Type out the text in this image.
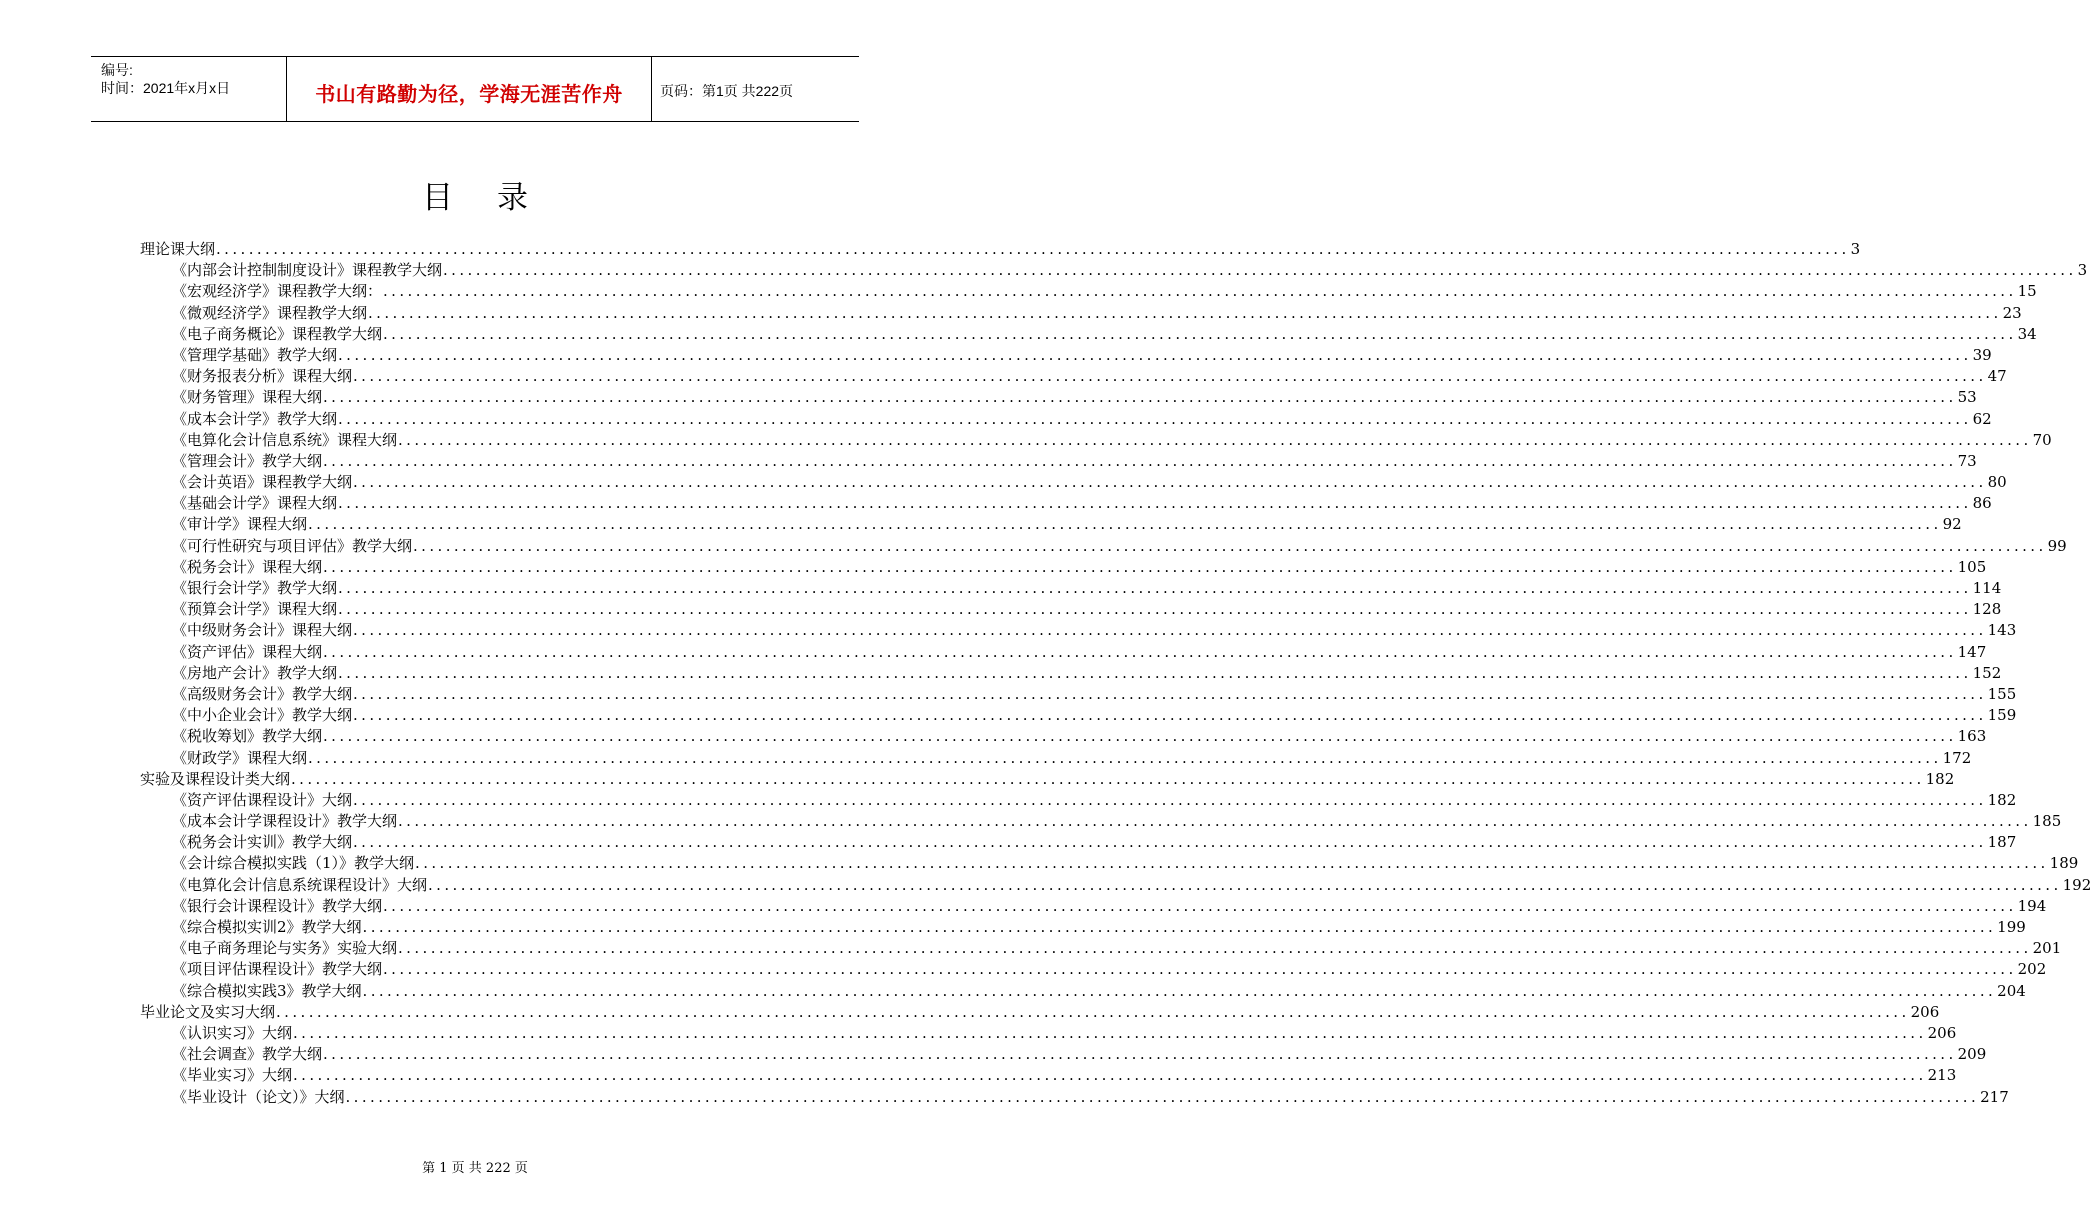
编号:
时间：2021年x月x日	书山有路勤为径，学海无涯苦作舟	页码：第1页 共222页
目录
理论课大纲 ........................................................................................................................................................................................................ 3
《内部会计控制制度设计》课程教学大纲 ........................................................................................................................................................................................................ 3
《宏观经济学》课程教学大纲： ........................................................................................................................................................................................................ 15
《微观经济学》课程教学大纲 ........................................................................................................................................................................................................ 23
《电子商务概论》课程教学大纲 ........................................................................................................................................................................................................ 34
《管理学基础》教学大纲 ........................................................................................................................................................................................................ 39
《财务报表分析》课程大纲 ........................................................................................................................................................................................................ 47
《财务管理》课程大纲 ........................................................................................................................................................................................................ 53
《成本会计学》教学大纲 ........................................................................................................................................................................................................ 62
《电算化会计信息系统》课程大纲 ........................................................................................................................................................................................................ 70
《管理会计》教学大纲 ........................................................................................................................................................................................................ 73
《会计英语》课程教学大纲 ........................................................................................................................................................................................................ 80
《基础会计学》课程大纲 ........................................................................................................................................................................................................ 86
《审计学》课程大纲 ........................................................................................................................................................................................................ 92
《可行性研究与项目评估》教学大纲 ........................................................................................................................................................................................................ 99
《税务会计》课程大纲 ........................................................................................................................................................................................................ 105
《银行会计学》教学大纲 ........................................................................................................................................................................................................ 114
《预算会计学》课程大纲 ........................................................................................................................................................................................................ 128
《中级财务会计》课程大纲 ........................................................................................................................................................................................................ 143
《资产评估》课程大纲 ........................................................................................................................................................................................................ 147
《房地产会计》教学大纲 ........................................................................................................................................................................................................ 152
《高级财务会计》教学大纲 ........................................................................................................................................................................................................ 155
《中小企业会计》教学大纲 ........................................................................................................................................................................................................ 159
《税收筹划》教学大纲 ........................................................................................................................................................................................................ 163
《财政学》课程大纲 ........................................................................................................................................................................................................ 172
实验及课程设计类大纲 ........................................................................................................................................................................................................ 182
《资产评估课程设计》大纲 ........................................................................................................................................................................................................ 182
《成本会计学课程设计》教学大纲 ........................................................................................................................................................................................................ 185
《税务会计实训》教学大纲 ........................................................................................................................................................................................................ 187
《会计综合模拟实践（1）》教学大纲 ........................................................................................................................................................................................................ 189
《电算化会计信息系统课程设计》大纲 ........................................................................................................................................................................................................ 192
《银行会计课程设计》教学大纲 ........................................................................................................................................................................................................ 194
《综合模拟实训2》教学大纲 ........................................................................................................................................................................................................ 199
《电子商务理论与实务》实验大纲 ........................................................................................................................................................................................................ 201
《项目评估课程设计》教学大纲 ........................................................................................................................................................................................................ 202
《综合模拟实践3》教学大纲 ........................................................................................................................................................................................................ 204
毕业论文及实习大纲 ........................................................................................................................................................................................................ 206
《认识实习》大纲 ........................................................................................................................................................................................................ 206
《社会调查》教学大纲 ........................................................................................................................................................................................................ 209
《毕业实习》大纲 ........................................................................................................................................................................................................ 213
《毕业设计（论文）》大纲 ........................................................................................................................................................................................................ 217
第 1 页 共 222 页
